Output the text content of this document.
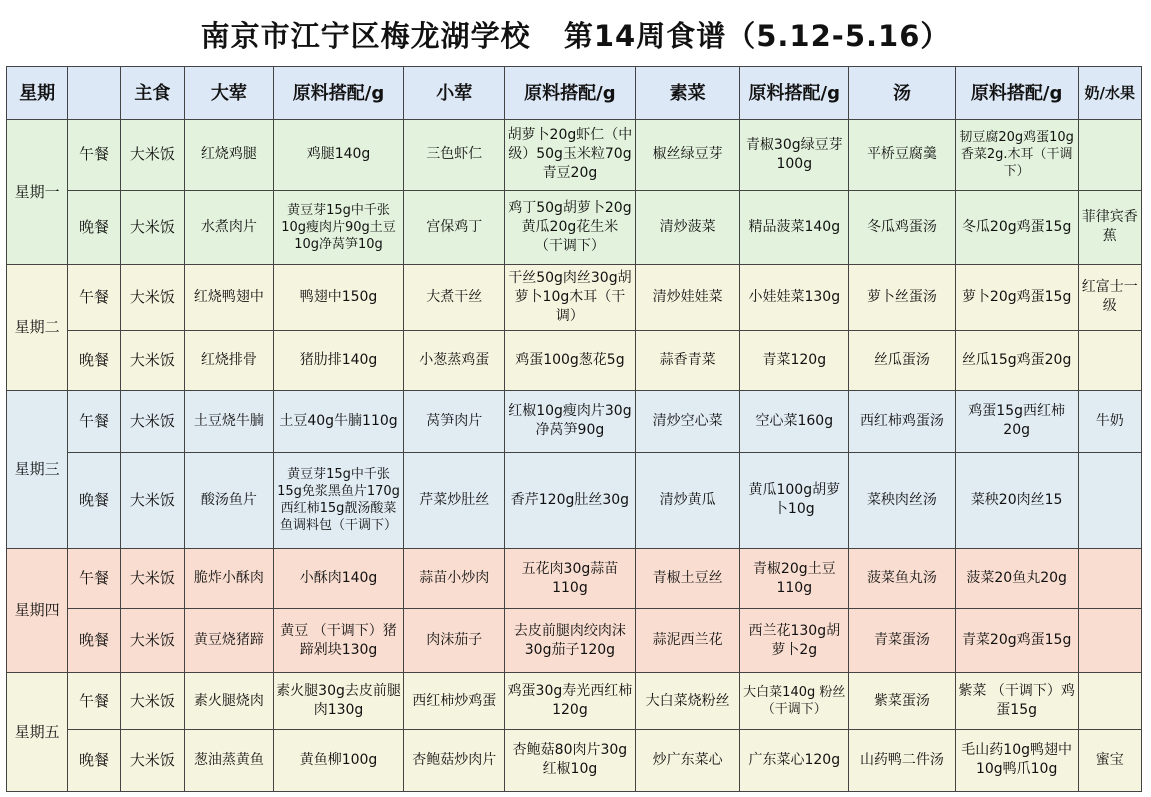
南京市江宁区梅龙湖学校   第14周食谱（5.12-5.16）
星期		主食	大荤	原料搭配/g	小荤	原料搭配/g	素菜	原料搭配/g	汤	原料搭配/g	奶/水果
星期一	午餐	大米饭	红烧鸡腿	鸡腿140g	三色虾仁	胡萝卜20g虾仁（中级）50g玉米粒70g青豆20g	椒丝绿豆芽	青椒30g绿豆芽100g	平桥豆腐羹	韧豆腐20g鸡蛋10g香菜2g.木耳（干调下）	
	晚餐	大米饭	水煮肉片	黄豆芽15g中千张10g瘦肉片90g土豆10g净莴笋10g	宫保鸡丁	鸡丁50g胡萝卜20g黄瓜20g花生米 （干调下）	清炒菠菜	精品菠菜140g	冬瓜鸡蛋汤	冬瓜20g鸡蛋15g	菲律宾香蕉
星期二	午餐	大米饭	红烧鸭翅中	鸭翅中150g	大煮干丝	干丝50g肉丝30g胡萝卜10g木耳（干调）	清炒娃娃菜	小娃娃菜130g	萝卜丝蛋汤	萝卜20g鸡蛋15g	红富士一级
	晚餐	大米饭	红烧排骨	猪肋排140g	小葱蒸鸡蛋	鸡蛋100g葱花5g	蒜香青菜	青菜120g	丝瓜蛋汤	丝瓜15g鸡蛋20g	
星期三	午餐	大米饭	土豆烧牛腩	土豆40g牛腩110g	莴笋肉片	红椒10g瘦肉片30g净莴笋90g	清炒空心菜	空心菜160g	西红柿鸡蛋汤	鸡蛋15g西红柿20g	牛奶
	晚餐	大米饭	酸汤鱼片	黄豆芽15g中千张15g免浆黑鱼片170g西红柿15g靓汤酸菜鱼调料包（干调下）	芹菜炒肚丝	香芹120g肚丝30g	清炒黄瓜	黄瓜100g胡萝卜10g	菜秧肉丝汤	菜秧20肉丝15	
星期四	午餐	大米饭	脆炸小酥肉	小酥肉140g	蒜苗小炒肉	五花肉30g蒜苗110g	青椒土豆丝	青椒20g土豆110g	菠菜鱼丸汤	菠菜20鱼丸20g	
	晚餐	大米饭	黄豆烧猪蹄	黄豆 （干调下）猪蹄剁块130g	肉沫茄子	去皮前腿肉绞肉沫30g茄子120g	蒜泥西兰花	西兰花130g胡萝卜2g	青菜蛋汤	青菜20g鸡蛋15g	
星期五	午餐	大米饭	素火腿烧肉	素火腿30g去皮前腿肉130g	西红柿炒鸡蛋	鸡蛋30g寿光西红柿120g	大白菜烧粉丝	大白菜140g 粉丝 （干调下）	紫菜蛋汤	紫菜 （干调下）鸡蛋15g	
	晚餐	大米饭	葱油蒸黄鱼	黄鱼柳100g	杏鲍菇炒肉片	杏鲍菇80肉片30g红椒10g	炒广东菜心	广东菜心120g	山药鸭二件汤	毛山药10g鸭翅中10g鸭爪10g	蜜宝
